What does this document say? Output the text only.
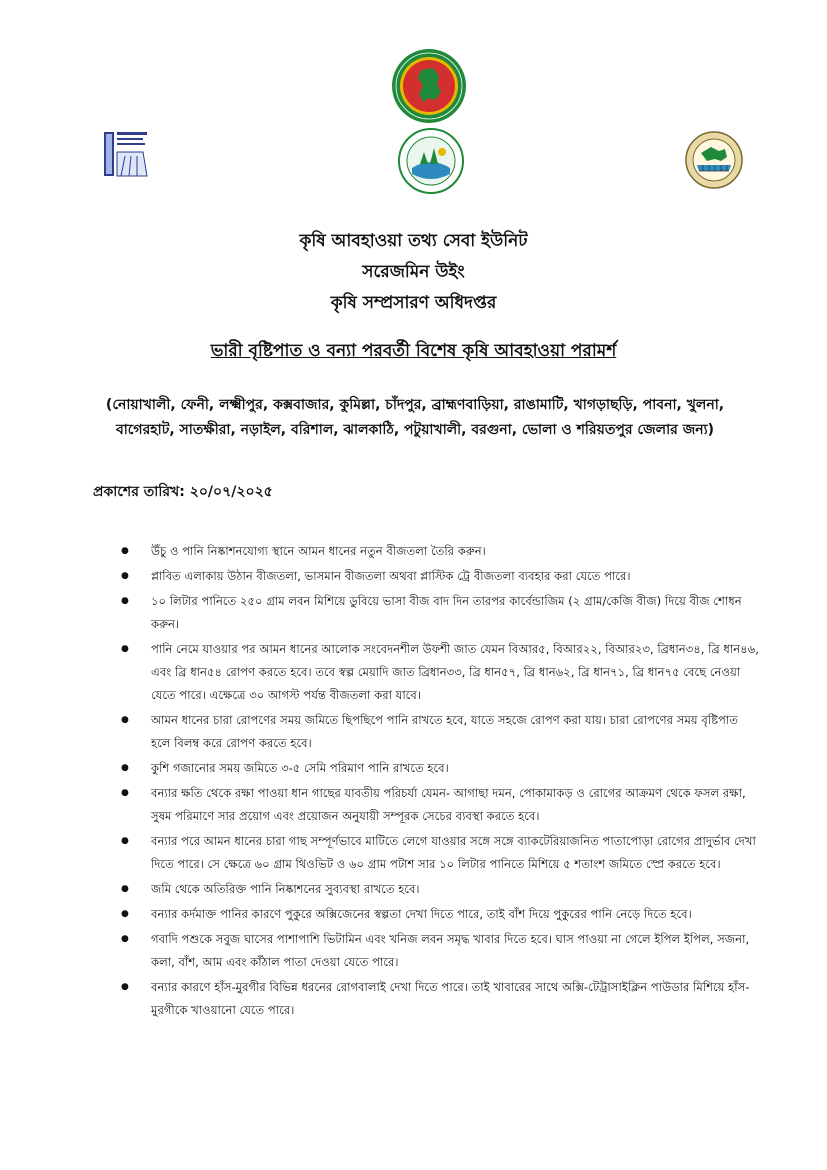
কৃষি আবহাওয়া তথ্য সেবা ইউনিট
সরেজমিন উইং
কৃষি সম্প্রসারণ অধিদপ্তর
ভারী বৃষ্টিপাত ও বন্যা পরবর্তী বিশেষ কৃষি আবহাওয়া পরামর্শ
(নোয়াখালী, ফেনী, লক্ষ্মীপুর, কক্সবাজার, কুমিল্লা, চাঁদপুর, ব্রাহ্মণবাড়িয়া, রাঙামাটি, খাগড়াছড়ি, পাবনা, খুলনা,
বাগেরহাট, সাতক্ষীরা, নড়াইল, বরিশাল, ঝালকাঠি, পটুয়াখালী, বরগুনা, ভোলা ও শরিয়তপুর জেলার জন্য)
প্রকাশের তারিখ: ২০/০৭/২০২৫
● উঁচু ও পানি নিষ্কাশনযোগ্য স্থানে আমন ধানের নতুন বীজতলা তৈরি করুন।
● প্লাবিত এলাকায় উঠান বীজতলা, ভাসমান বীজতলা অথবা প্লাস্টিক ট্রে বীজতলা ব্যবহার করা যেতে পারে।
● ১০ লিটার পানিতে ২৫০ গ্রাম লবন মিশিয়ে ডুবিয়ে ভাসা বীজ বাদ দিন তারপর কার্বেন্ডাজিম (২ গ্রাম/কেজি বীজ) দিয়ে বীজ শোধন করুন।
● পানি নেমে যাওয়ার পর আমন ধানের আলোক সংবেদনশীল উফশী জাত যেমন বিআর৫, বিআর২২, বিআর২৩, ব্রিধান৩৪, ব্রি ধান৪৬, এবং ব্রি ধান৫৪ রোপণ করতে হবে। তবে স্বল্প মেয়াদি জাত ব্রিধান৩৩, ব্রি ধান৫৭, ব্রি ধান৬২, ব্রি ধান৭১, ব্রি ধান৭৫ বেছে নেওয়া যেতে পারে। এক্ষেত্রে ৩০ আগস্ট পর্যন্ত বীজতলা করা যাবে।
● আমন ধানের চারা রোপণের সময় জমিতে ছিপছিপে পানি রাখতে হবে, যাতে সহজে রোপণ করা যায়। চারা রোপণের সময় বৃষ্টিপাত হলে বিলম্ব করে রোপণ করতে হবে।
● কুশি গজানোর সময় জমিতে ৩-৫ সেমি পরিমাণ পানি রাখতে হবে।
● বন্যার ক্ষতি থেকে রক্ষা পাওয়া ধান গাছের যাবতীয় পরিচর্যা যেমন- আগাছা দমন, পোকামাকড় ও রোগের আক্রমণ থেকে ফসল রক্ষা, সুষম পরিমাণে সার প্রয়োগ এবং প্রয়োজন অনুযায়ী সম্পূরক সেচের ব্যবস্থা করতে হবে।
● বন্যার পরে আমন ধানের চারা গাছ সম্পূর্ণভাবে মাটিতে লেগে যাওয়ার সঙ্গে সঙ্গে ব্যাকটেরিয়াজনিত পাতাপোড়া রোগের প্রাদুর্ভাব দেখা দিতে পারে। সে ক্ষেত্রে ৬০ গ্রাম থিওভিট ও ৬০ গ্রাম পটাশ সার ১০ লিটার পানিতে মিশিয়ে ৫ শতাংশ জমিতে স্প্রে করতে হবে।
● জমি থেকে অতিরিক্ত পানি নিষ্কাশনের সুব্যবস্থা রাখতে হবে।
● বন্যার কর্দমাক্ত পানির কারণে পুকুরে অক্সিজেনের স্বল্পতা দেখা দিতে পারে, তাই বাঁশ দিয়ে পুকুরের পানি নেড়ে দিতে হবে।
● গবাদি পশুকে সবুজ ঘাসের পাশাপাশি ভিটামিন এবং খনিজ লবন সমৃদ্ধ খাবার দিতে হবে। ঘাস পাওয়া না গেলে ইপিল ইপিল, সজনা, কলা, বাঁশ, আম এবং কাঁঠাল পাতা দেওয়া যেতে পারে।
● বন্যার কারণে হাঁস-মুরগীর বিভিন্ন ধরনের রোগবালাই দেখা দিতে পারে। তাই খাবারের সাথে অক্সি-টেট্রাসাইক্লিন পাউডার মিশিয়ে হাঁস-মুরগীকে খাওয়ানো যেতে পারে।
